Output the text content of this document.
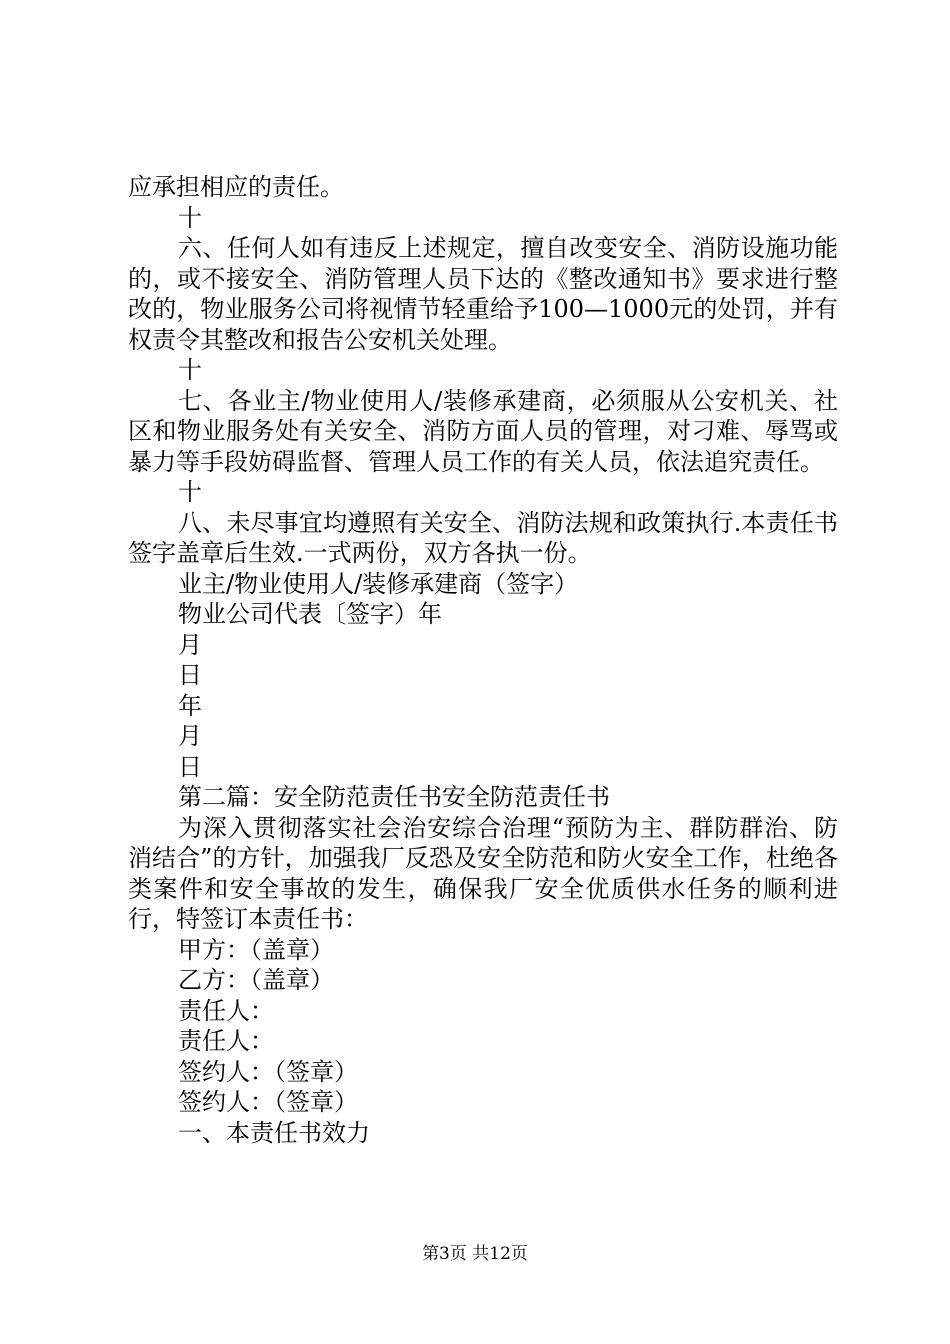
应承担相应的责任。

十

六、任何人如有违反上述规定，擅自改变安全、消防设施功能的，或不接安全、消防管理人员下达的《整改通知书》要求进行整改的，物业服务公司将视情节轻重给予100—1000元的处罚，并有权责令其整改和报告公安机关处理。

十

七、各业主/物业使用人/装修承建商，必须服从公安机关、社区和物业服务处有关安全、消防方面人员的管理，对刁难、辱骂或暴力等手段妨碍监督、管理人员工作的有关人员，依法追究责任。

十

八、未尽事宜均遵照有关安全、消防法规和政策执行.本责任书签字盖章后生效.一式两份，双方各执一份。

业主/物业使用人/装修承建商（签字）

物业公司代表〔签字）年

月

日

年

月

日

第二篇：安全防范责任书安全防范责任书

为深入贯彻落实社会治安综合治理“预防为主、群防群治、防消结合”的方针，加强我厂反恐及安全防范和防火安全工作，杜绝各类案件和安全事故的发生，确保我厂安全优质供水任务的顺利进行，特签订本责任书：

甲方：（盖章）

乙方：（盖章）

责任人：

责任人：

签约人：（签章）

签约人：（签章）

一、本责任书效力

第3页 共12页
